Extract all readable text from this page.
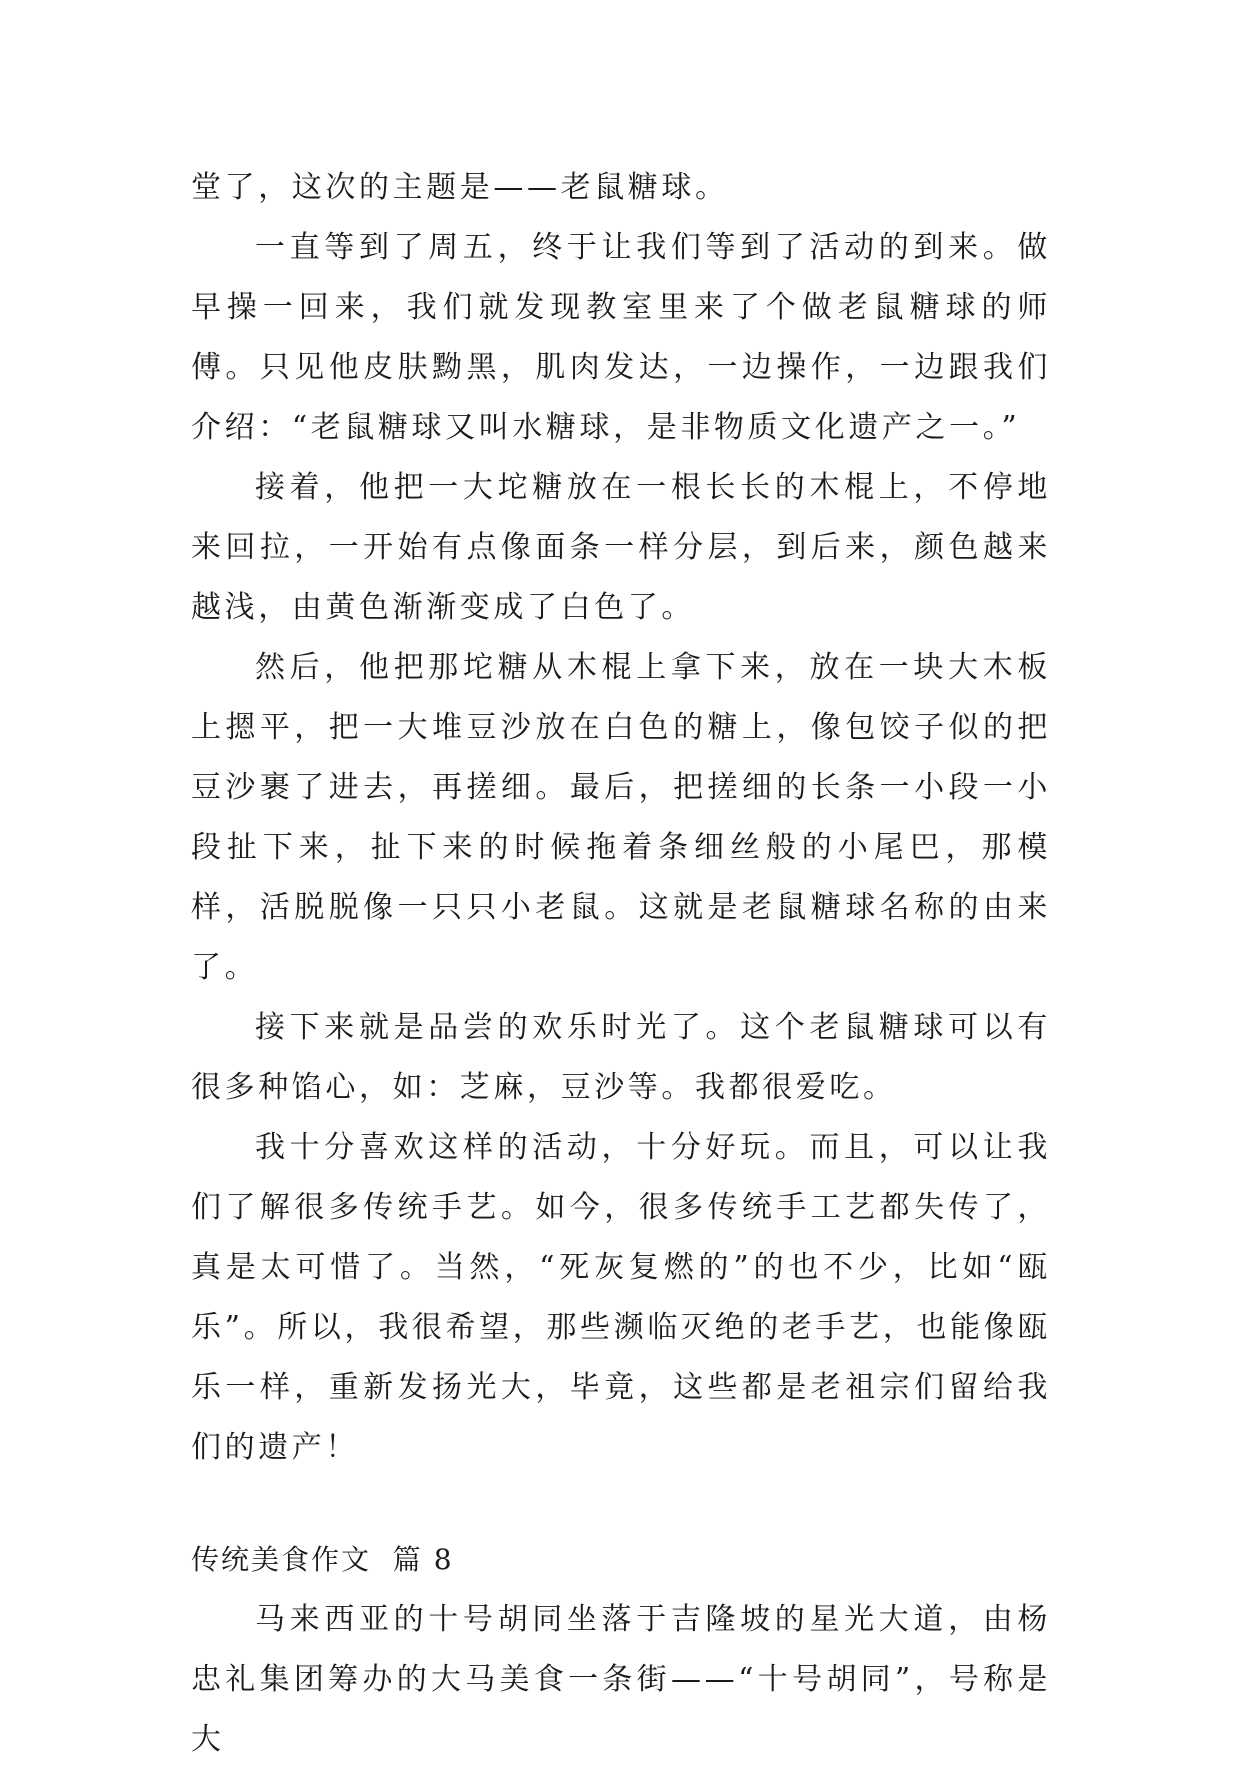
堂了，这次的主题是——老鼠糖球。

一直等到了周五，终于让我们等到了活动的到来。做早操一回来，我们就发现教室里来了个做老鼠糖球的师傅。只见他皮肤黝黑，肌肉发达，一边操作，一边跟我们介绍：“老鼠糖球又叫水糖球，是非物质文化遗产之一。”

接着，他把一大坨糖放在一根长长的木棍上，不停地来回拉，一开始有点像面条一样分层，到后来，颜色越来越浅，由黄色渐渐变成了白色了。

然后，他把那坨糖从木棍上拿下来，放在一块大木板上摁平，把一大堆豆沙放在白色的糖上，像包饺子似的把豆沙裹了进去，再搓细。最后，把搓细的长条一小段一小段扯下来，扯下来的时候拖着条细丝般的小尾巴，那模样，活脱脱像一只只小老鼠。这就是老鼠糖球名称的由来了。

接下来就是品尝的欢乐时光了。这个老鼠糖球可以有很多种馅心，如：芝麻，豆沙等。我都很爱吃。

我十分喜欢这样的活动，十分好玩。而且，可以让我们了解很多传统手艺。如今，很多传统手工艺都失传了，真是太可惜了。当然，“死灰复燃的”的也不少，比如“瓯乐”。所以，我很希望，那些濒临灭绝的老手艺，也能像瓯乐一样，重新发扬光大，毕竟，这些都是老祖宗们留给我们的遗产！

传统美食作文  篇 8

马来西亚的十号胡同坐落于吉隆坡的星光大道，由杨忠礼集团筹办的大马美食一条街——“十号胡同”，号称是大
